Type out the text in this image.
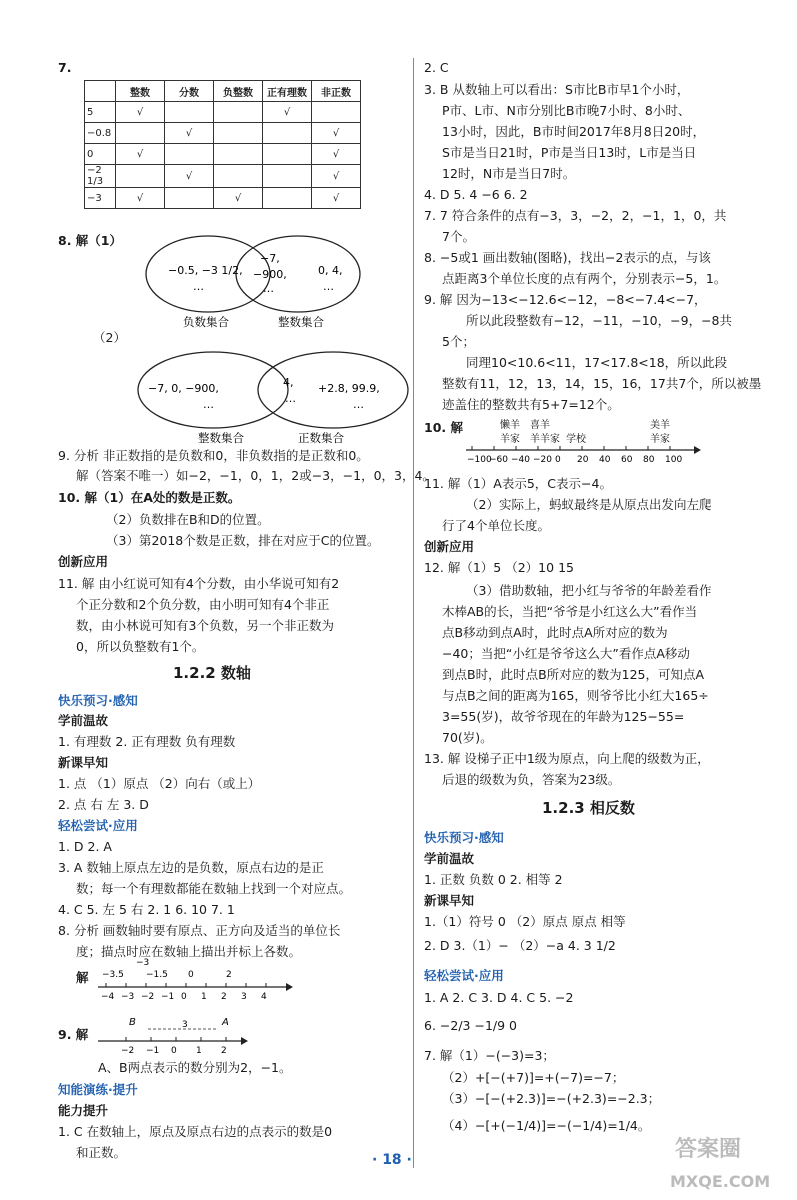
7.
	整数	分数	负整数	正有理数	非正数
5	√			√	
−0.8		√			√
0	√				√
−2 1/3		√			√
−3	√		√		√
8. 解（1）
−0.5, −3 1/2,
…
−7,
−900,
…
0, 4,
…
负数集合	整数集合
（2）
−7, 0, −900,
…
4,
…
+2.8, 99.9,
…
整数集合	正数集合
9. 分析 非正数指的是负数和0，非负数指的是正数和0。
解（答案不唯一）如−2，−1，0，1，2或−3，−1，0，3，4。
10. 解（1）在A处的数是正数。
（2）负数排在B和D的位置。
（3）第2018个数是正数，排在对应于C的位置。
创新应用
11. 解 由小红说可知有4个分数，由小华说可知有2
个正分数和2个负分数，由小明可知有4个非正
数，由小林说可知有3个负数，另一个非正数为
0，所以负整数有1个。
1.2.2 数轴
快乐预习·感知
学前温故
1. 有理数 2. 正有理数 负有理数
新课早知
1. 点 （1）原点 （2）向右（或上）
2. 点 右 左 3. D
轻松尝试·应用
1. D 2. A
3. A 数轴上原点左边的是负数，原点右边的是正
数；每一个有理数都能在数轴上找到一个对应点。
4. C 5. 左 5 右 2. 1 6. 10 7. 1
8. 分析 画数轴时要有原点、正方向及适当的单位长
度；描点时应在数轴上描出并标上各数。
解
−4 −3 −2 −1 0 1 2 3 4
−3
−3.5 −1.5 0	2
9. 解
−2 −1 0 1 2
B	A
3
A、B两点表示的数分别为2，−1。
知能演练·提升
能力提升
1. C 在数轴上，原点及原点右边的点表示的数是0
和正数。
2. C
3. B 从数轴上可以看出：S市比B市早1个小时，
P市、L市、N市分别比B市晚7小时、8小时、
13小时，因此，B市时间2017年8月8日20时，
S市是当日21时，P市是当日13时，L市是当日
12时，N市是当日7时。
4. D 5. 4 −6 6. 2
7. 7 符合条件的点有−3，3，−2，2，−1，1，0，共
7个。
8. −5或1 画出数轴(图略)，找出−2表示的点，与该
点距离3个单位长度的点有两个，分别表示−5，1。
9. 解 因为−13<−12.6<−12，−8<−7.4<−7，
所以此段整数有−12，−11，−10，−9，−8共
5个；
同理10<10.6<11，17<17.8<18，所以此段
整数有11，12，13，14，15，16，17共7个，所以被墨
迹盖住的整数共有5+7=12个。
10. 解	懒羊
羊家
喜羊
羊羊家 学校
美羊
羊家
−100
−60 −40 −20 0 20 40 60 80 100
11. 解（1）A表示5，C表示−4。
（2）实际上，蚂蚁最终是从原点出发向左爬
行了4个单位长度。
创新应用
12. 解（1）5 （2）10 15
（3）借助数轴，把小红与爷爷的年龄差看作
木棒AB的长，当把“爷爷是小红这么大”看作当
点B移动到点A时，此时点A所对应的数为
−40；当把“小红是爷爷这么大”看作点A移动
到点B时，此时点B所对应的数为125，可知点A
与点B之间的距离为165，则爷爷比小红大165÷
3=55(岁)，故爷爷现在的年龄为125−55=
70(岁)。
13. 解 设梯子正中1级为原点，向上爬的级数为正，
后退的级数为负，答案为23级。
1.2.3 相反数
快乐预习·感知
学前温故
1. 正数 负数 0 2. 相等 2
新课早知
1.（1）符号 0 （2）原点 原点 相等
2. D 3.（1）− （2）−a 4. 3 1/2
轻松尝试·应用
1. A 2. C 3. D 4. C 5. −2
6. −2/3 −1/9 0
7. 解（1）−(−3)=3；
（2）+[−(+7)]=+(−7)=−7；
（3）−[−(+2.3)]=−(+2.3)=−2.3；
（4）−[+(−1/4)]=−(−1/4)=1/4。
· 18 ·	答案圈
MXQE.COM
